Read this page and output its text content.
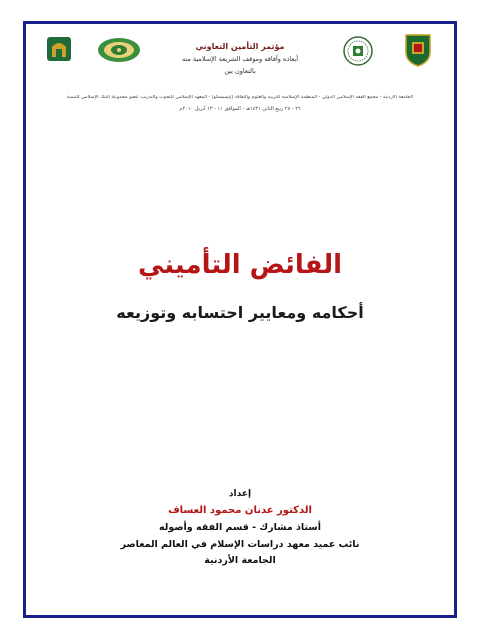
مؤتمر التأمين التعاوني
أبعاده وآفاقه وموقف الشريعة الإسلامية منه
بالتعاون بين
الجامعة الأردنية - مجمع الفقه الإسلامي الدولي - المنظمة الإسلامية للتربية والعلوم والثقافة (إيسيسكو) - المعهد الإسلامي للبحوث والتدريب عضو مجموعة البنك الإسلامي للتنمية
٢٦ - ٢٨ ربيع الثاني ١٤٣١هـ - الموافق ١١ - ١٣ أبريل ٢٠١٠م
الفائض التأميني
أحكامه ومعايير احتسابه وتوزيعه
إعداد
الدكتور عدنان محمود العساف
أستاذ مشارك - قسم الفقه وأصوله
نائب عميد معهد دراسات الإسلام في العالم المعاصر
الجامعة الأردنية
